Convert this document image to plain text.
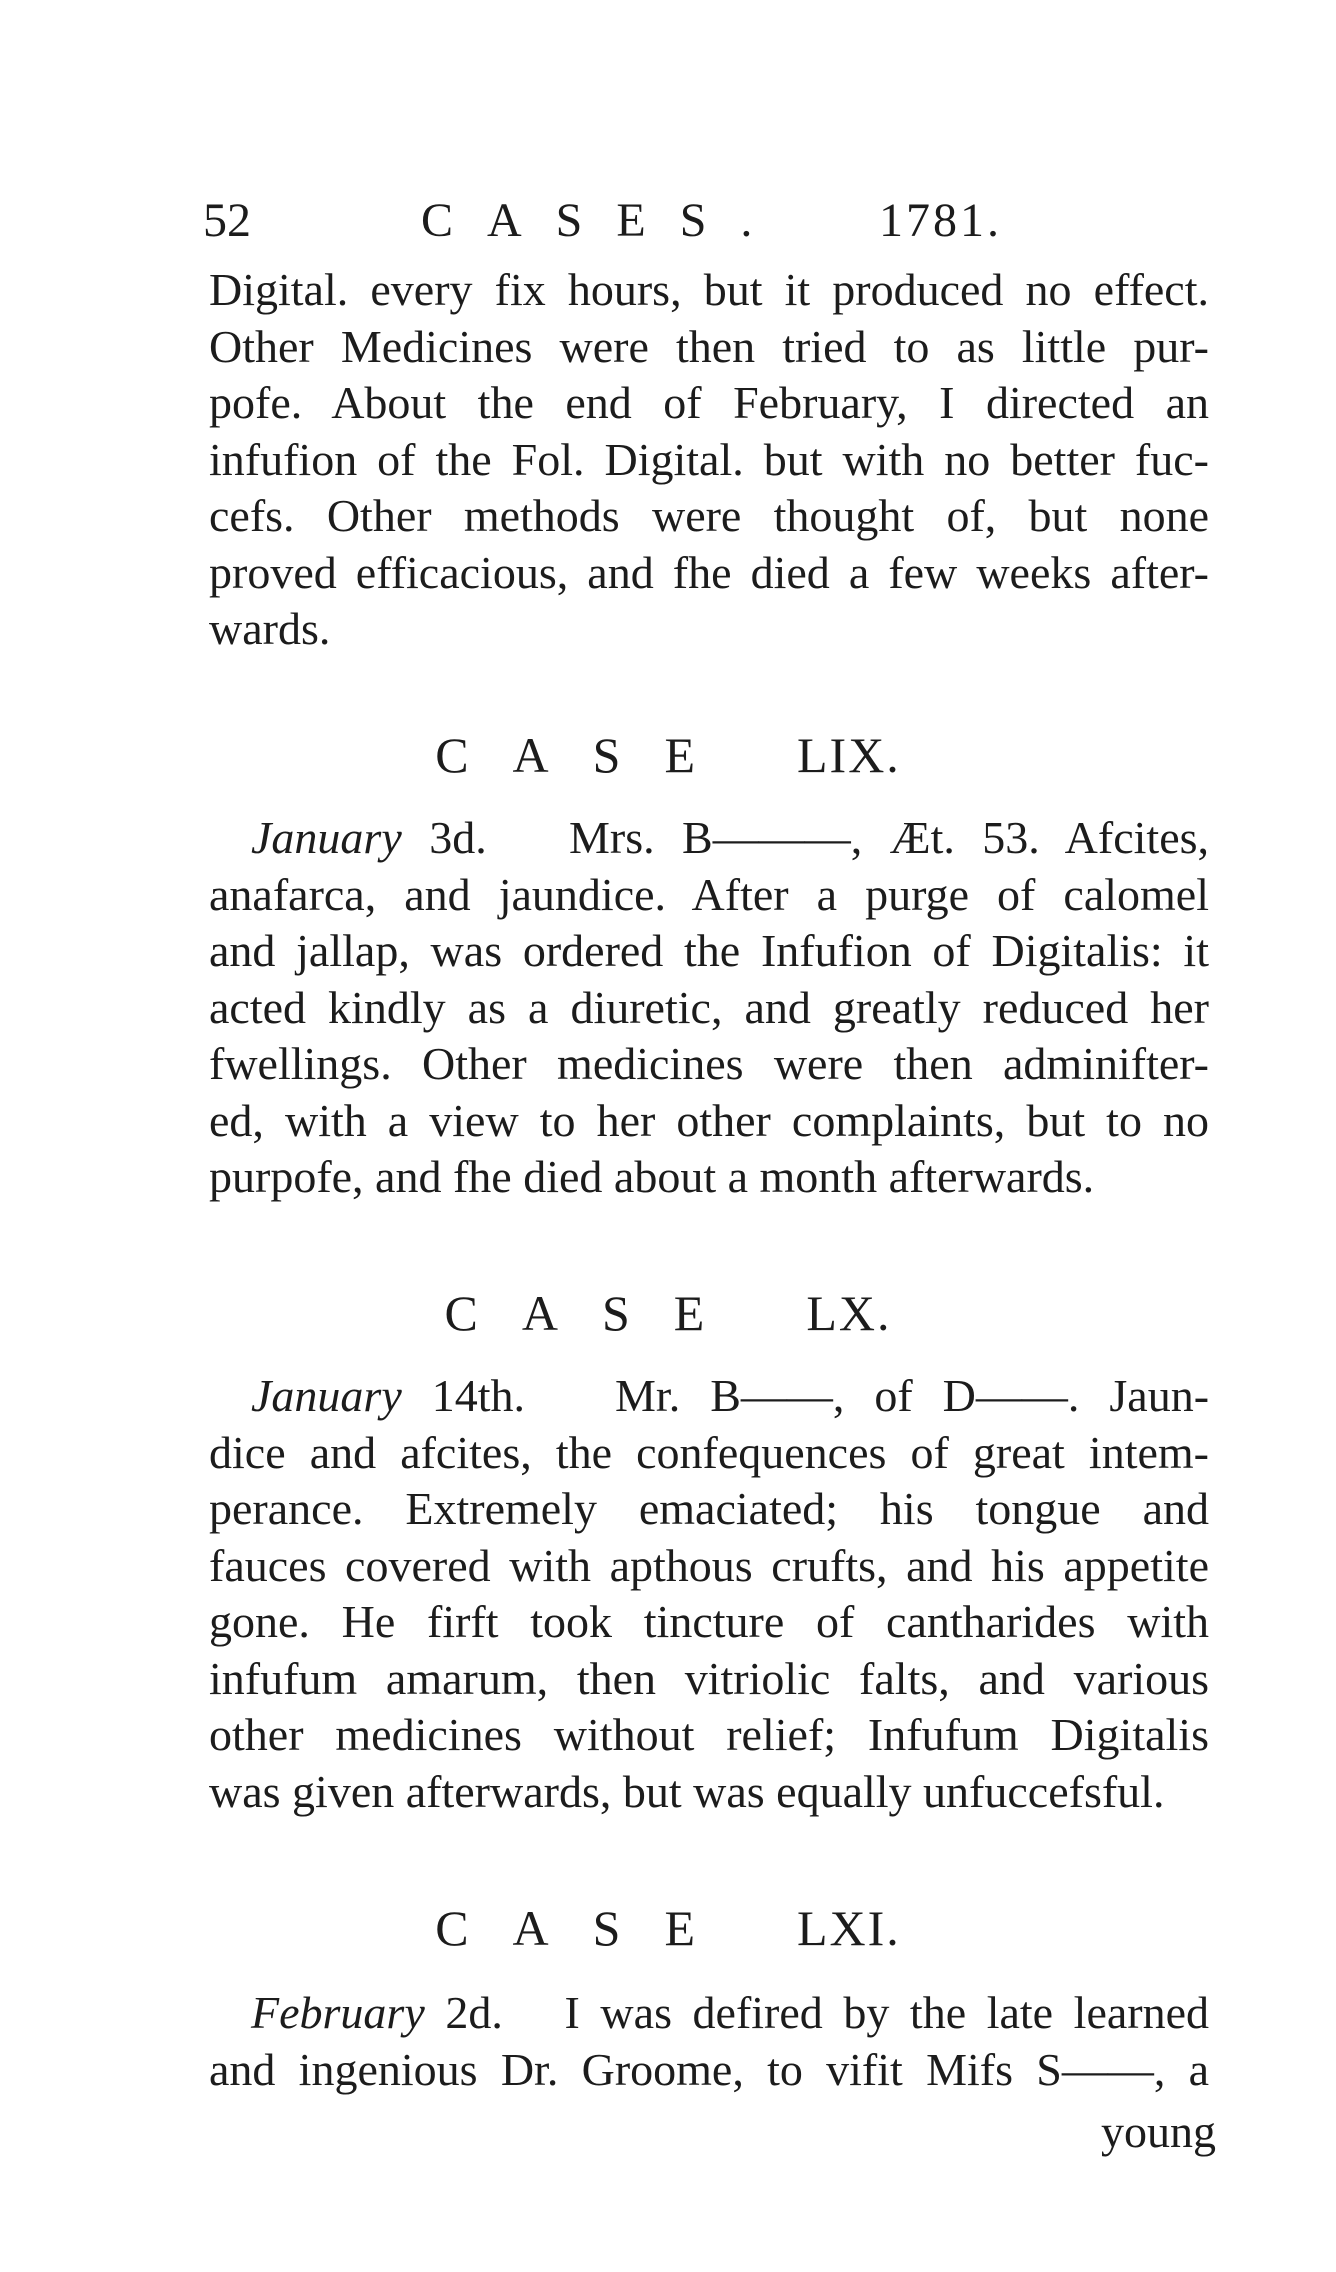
52	CASES. 1781.
Digital. every fix hours, but it produced no effect.
Other Medicines were then tried to as little pur-
pofe. About the end of February, I directed an
infufion of the Fol. Digital. but with no better fuc-
cefs. Other methods were thought of, but none
proved efficacious, and fhe died a few weeks after-
wards.
CASE LIX.
January 3d. Mrs. B———, Æt. 53. Afcites,
anafarca, and jaundice. After a purge of calomel
and jallap, was ordered the Infufion of Digitalis: it
acted kindly as a diuretic, and greatly reduced her
fwellings. Other medicines were then adminifter-
ed, with a view to her other complaints, but to no
purpofe, and fhe died about a month afterwards.
CASE LX.
January 14th. Mr. B——, of D——. Jaun-
dice and afcites, the confequences of great intem-
perance. Extremely emaciated; his tongue and
fauces covered with apthous crufts, and his appetite
gone. He firft took tincture of cantharides with
infufum amarum, then vitriolic falts, and various
other medicines without relief; Infufum Digitalis
was given afterwards, but was equally unfuccefsful.
CASE LXI.
February 2d. I was defired by the late learned
and ingenious Dr. Groome, to vifit Mifs S——, a
young
